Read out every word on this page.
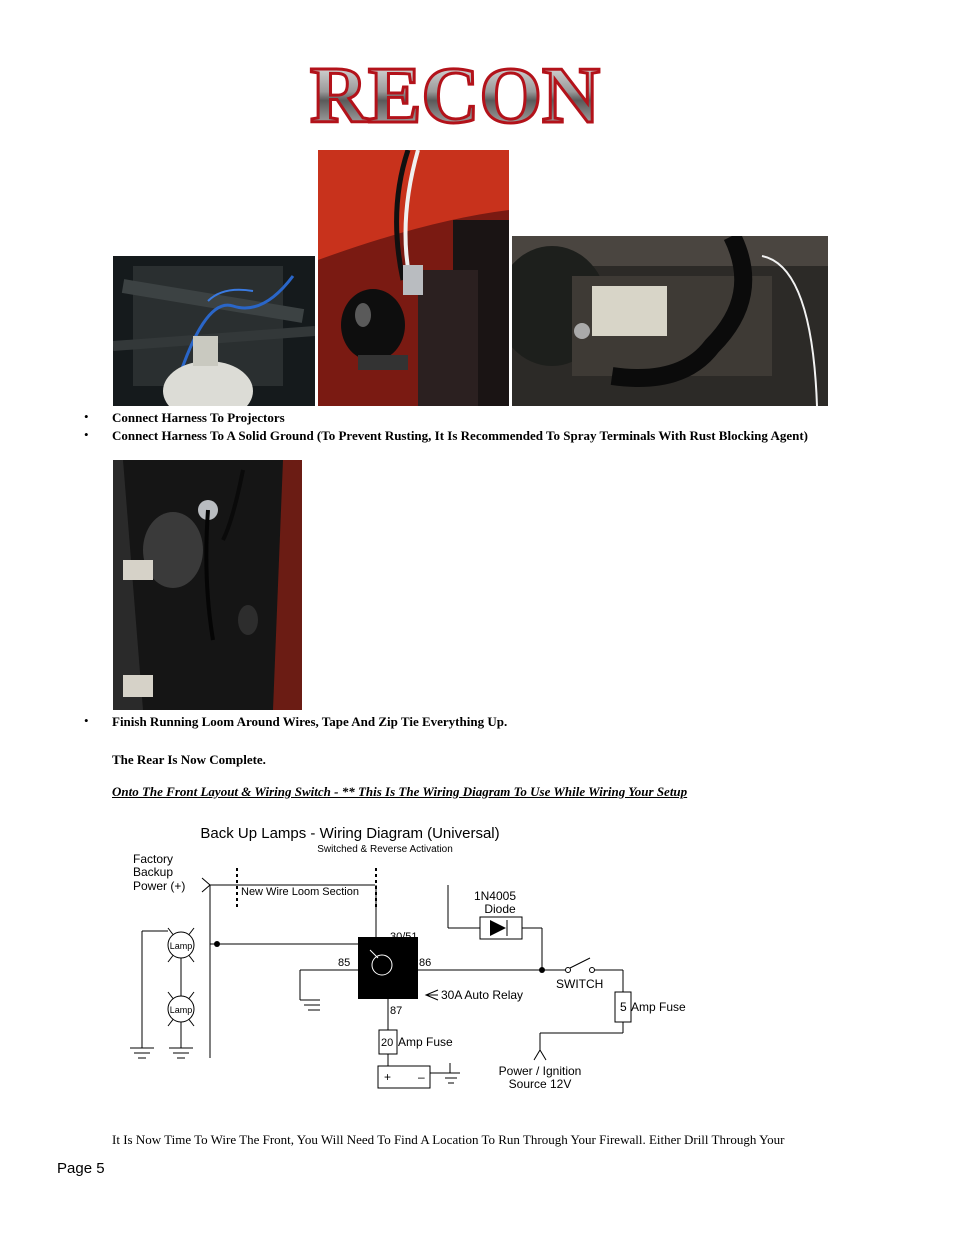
RECON
• Connect Harness To Projectors
• Connect Harness To A Solid Ground (To Prevent Rusting, It Is Recommended To Spray Terminals With Rust Blocking Agent)
• Finish Running Loom Around Wires, Tape And Zip Tie Everything Up.
The Rear Is Now Complete.
Onto The Front Layout & Wiring Switch - ** This Is The Wiring Diagram To Use While Wiring Your Setup
Back Up Lamps - Wiring Diagram (Universal)
Switched & Reverse Activation
Factory
Backup
Power (+)	New Wire Loom Section
Lamp
Lamp
30/51
85	86
87
30A Auto Relay
1N4005
Diode
SWITCH
5 Amp Fuse
Power / Ignition
Source 12V
20 Amp Fuse
+ –
It Is Now Time To Wire The Front, You Will Need To Find A Location To Run Through Your Firewall. Either Drill Through Your
Page 5
